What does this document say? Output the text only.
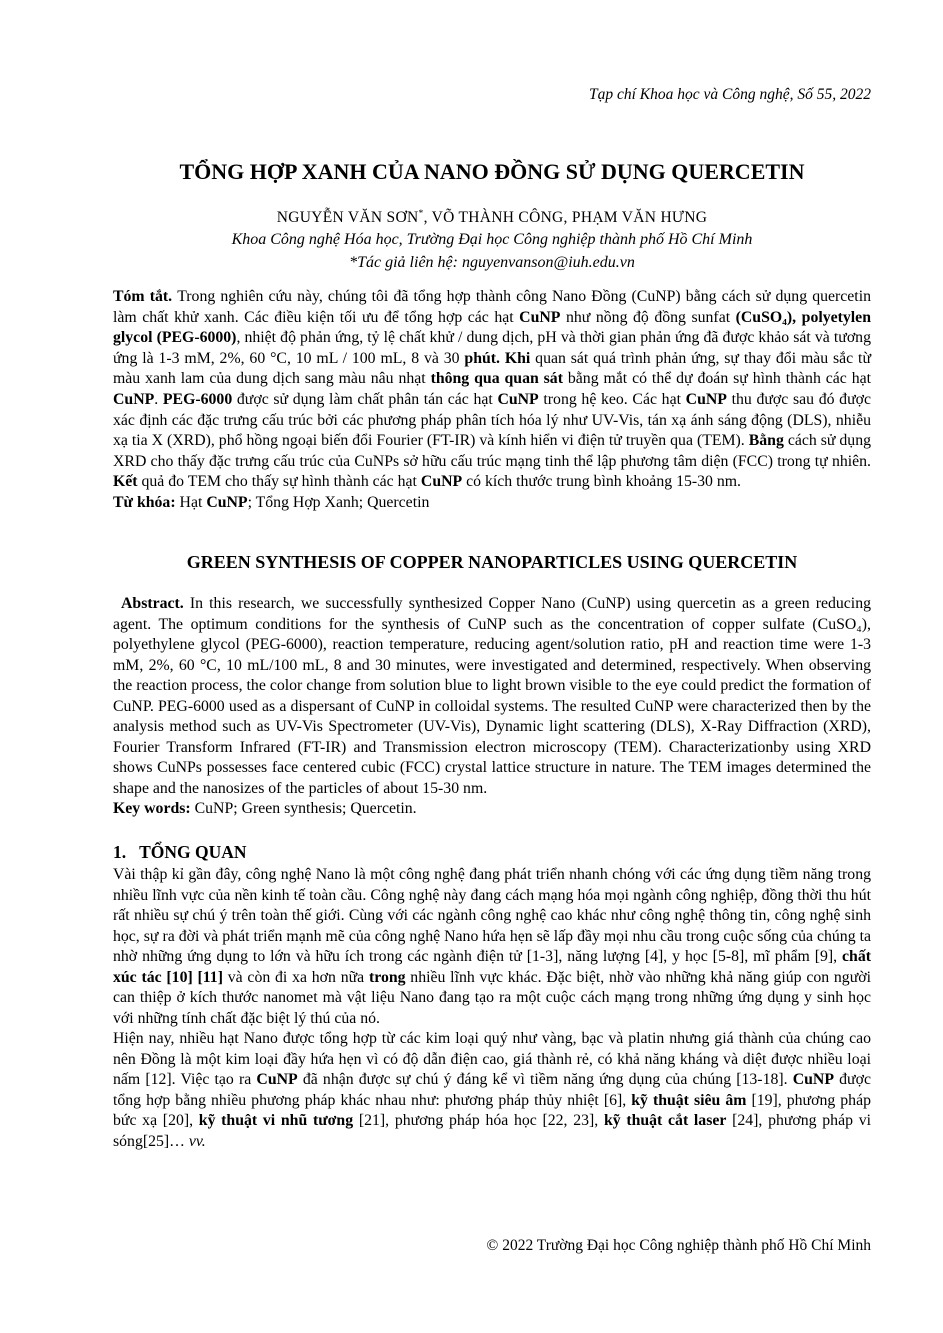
Tạp chí Khoa học và Công nghệ, Số 55, 2022
TỔNG HỢP XANH CỦA NANO ĐỒNG SỬ DỤNG QUERCETIN
NGUYỄN VĂN SƠN*, VÕ THÀNH CÔNG, PHẠM VĂN HƯNG
Khoa Công nghệ Hóa học, Trường Đại học Công nghiệp thành phố Hồ Chí Minh
*Tác giả liên hệ: nguyenvanson@iuh.edu.vn

Tóm tắt. Trong nghiên cứu này, chúng tôi đã tổng hợp thành công Nano Đồng (CuNP) bằng cách sử dụng quercetin làm chất khử xanh. Các điều kiện tối ưu để tổng hợp các hạt CuNP như nồng độ đồng sunfat (CuSO₄), polyetylen glycol (PEG-6000), nhiệt độ phản ứng, tỷ lệ chất khử / dung dịch, pH và thời gian phản ứng đã được khảo sát và tương ứng là 1-3 mM, 2%, 60 °C, 10 mL / 100 mL, 8 và 30 phút. Khi quan sát quá trình phản ứng, sự thay đổi màu sắc từ màu xanh lam của dung dịch sang màu nâu nhạt thông qua quan sát bằng mắt có thể dự đoán sự hình thành các hạt CuNP. PEG-6000 được sử dụng làm chất phân tán các hạt CuNP trong hệ keo. Các hạt CuNP thu được sau đó được xác định các đặc trưng cấu trúc bởi các phương pháp phân tích hóa lý như UV-Vis, tán xạ ánh sáng động (DLS), nhiễu xạ tia X (XRD), phổ hồng ngoại biến đổi Fourier (FT-IR) và kính hiển vi điện tử truyền qua (TEM). Bằng cách sử dụng XRD cho thấy đặc trưng cấu trúc của CuNPs sở hữu cấu trúc mạng tinh thể lập phương tâm diện (FCC) trong tự nhiên. Kết quả đo TEM cho thấy sự hình thành các hạt CuNP có kích thước trung bình khoảng 15-30 nm.

Từ khóa: Hạt CuNP; Tổng Hợp Xanh; Quercetin

GREEN SYNTHESIS OF COPPER NANOPARTICLES USING QUERCETIN

Abstract. In this research, we successfully synthesized Copper Nano (CuNP) using quercetin as a green reducing agent. The optimum conditions for the synthesis of CuNP such as the concentration of copper sulfate (CuSO₄), polyethylene glycol (PEG-6000), reaction temperature, reducing agent/solution ratio, pH and reaction time were 1-3 mM, 2%, 60 °C, 10 mL/100 mL, 8 and 30 minutes, were investigated and determined, respectively. When observing the reaction process, the color change from solution blue to light brown visible to the eye could predict the formation of CuNP. PEG-6000 used as a dispersant of CuNP in colloidal systems. The resulted CuNP were characterized then by the analysis method such as UV-Vis Spectrometer (UV-Vis), Dynamic light scattering (DLS), X-Ray Diffraction (XRD), Fourier Transform Infrared (FT-IR) and Transmission electron microscopy (TEM). Characterizationby using XRD shows CuNPs possesses face centered cubic (FCC) crystal lattice structure in nature. The TEM images determined the shape and the nanosizes of the particles of about 15-30 nm.

Key words: CuNP; Green synthesis; Quercetin.

1. TỔNG QUAN

Vài thập kỉ gần đây, công nghệ Nano là một công nghệ đang phát triển nhanh chóng với các ứng dụng tiềm năng trong nhiều lĩnh vực của nền kinh tế toàn cầu. Công nghệ này đang cách mạng hóa mọi ngành công nghiệp, đồng thời thu hút rất nhiều sự chú ý trên toàn thế giới. Cùng với các ngành công nghệ cao khác như công nghệ thông tin, công nghệ sinh học, sự ra đời và phát triển mạnh mẽ của công nghệ Nano hứa hẹn sẽ lấp đầy mọi nhu cầu trong cuộc sống của chúng ta nhờ những ứng dụng to lớn và hữu ích trong các ngành điện tử [1-3], năng lượng [4], y học [5-8], mĩ phẩm [9], chất xúc tác [10] [11] và còn đi xa hơn nữa trong nhiều lĩnh vực khác. Đặc biệt, nhờ vào những khả năng giúp con người can thiệp ở kích thước nanomet mà vật liệu Nano đang tạo ra một cuộc cách mạng trong những ứng dụng y sinh học với những tính chất đặc biệt lý thú của nó.

Hiện nay, nhiều hạt Nano được tổng hợp từ các kim loại quý như vàng, bạc và platin nhưng giá thành của chúng cao nên Đồng là một kim loại đầy hứa hẹn vì có độ dẫn điện cao, giá thành rẻ, có khả năng kháng và diệt được nhiều loại nấm [12]. Việc tạo ra CuNP đã nhận được sự chú ý đáng kể vì tiềm năng ứng dụng của chúng [13-18]. CuNP được tổng hợp bằng nhiều phương pháp khác nhau như: phương pháp thủy nhiệt [6], kỹ thuật siêu âm [19], phương pháp bức xạ [20], kỹ thuật vi nhũ tương [21], phương pháp hóa học [22, 23], kỹ thuật cắt laser [24], phương pháp vi sóng[25]… vv.

© 2022 Trường Đại học Công nghiệp thành phố Hồ Chí Minh
